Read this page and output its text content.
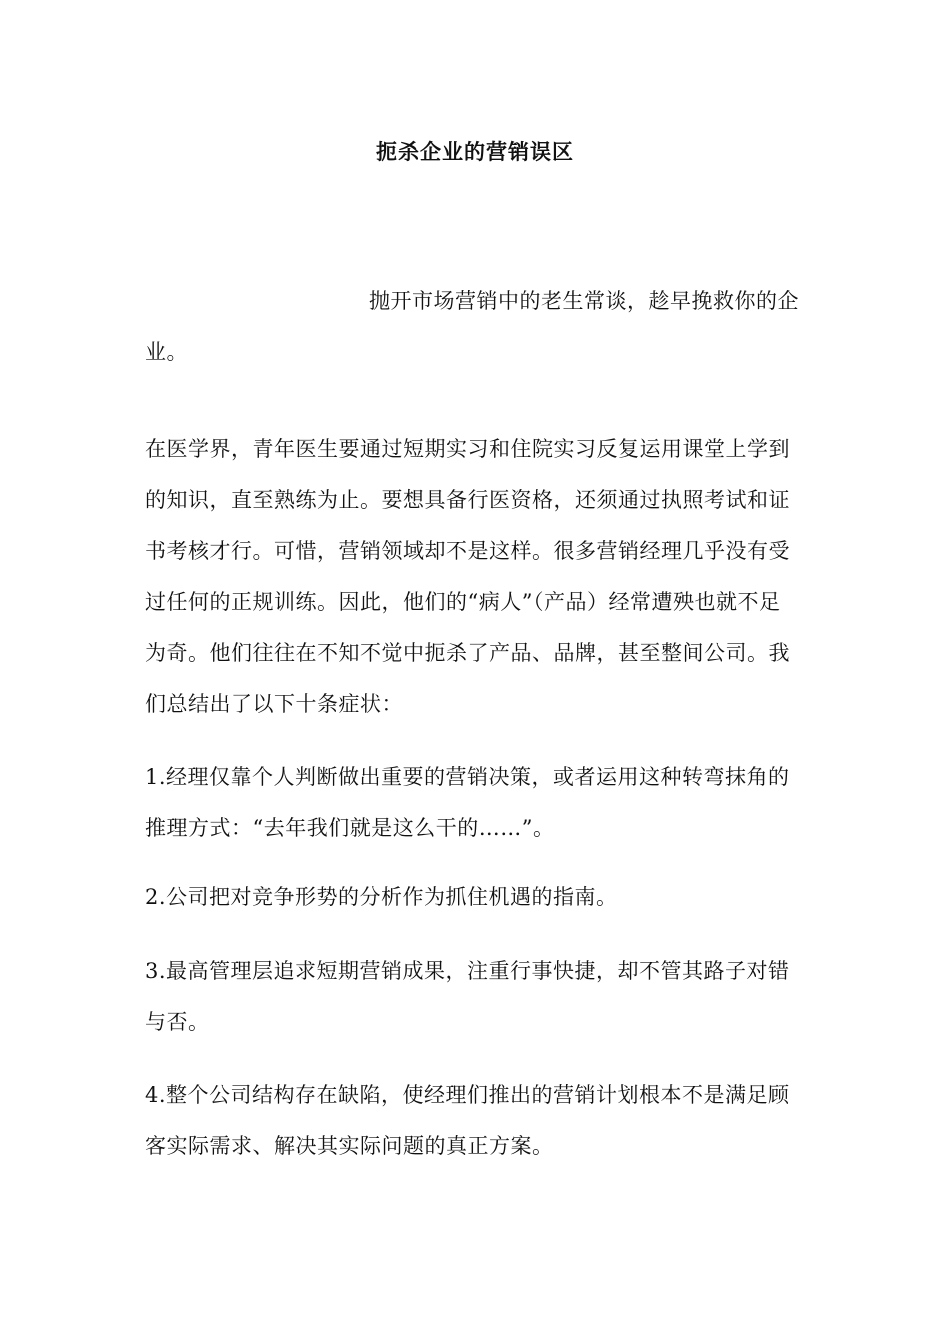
扼杀企业的营销误区

抛开市场营销中的老生常谈，趁早挽救你的企业。

在医学界，青年医生要通过短期实习和住院实习反复运用课堂上学到的知识，直至熟练为止。要想具备行医资格，还须通过执照考试和证书考核才行。可惜，营销领域却不是这样。很多营销经理几乎没有受过任何的正规训练。因此，他们的“病人”（产品）经常遭殃也就不足为奇。他们往往在不知不觉中扼杀了产品、品牌，甚至整间公司。我们总结出了以下十条症状：

1.经理仅靠个人判断做出重要的营销决策，或者运用这种转弯抹角的推理方式：“去年我们就是这么干的……”。

2.公司把对竞争形势的分析作为抓住机遇的指南。

3.最高管理层追求短期营销成果，注重行事快捷，却不管其路子对错与否。

4.整个公司结构存在缺陷，使经理们推出的营销计划根本不是满足顾客实际需求、解决其实际问题的真正方案。
